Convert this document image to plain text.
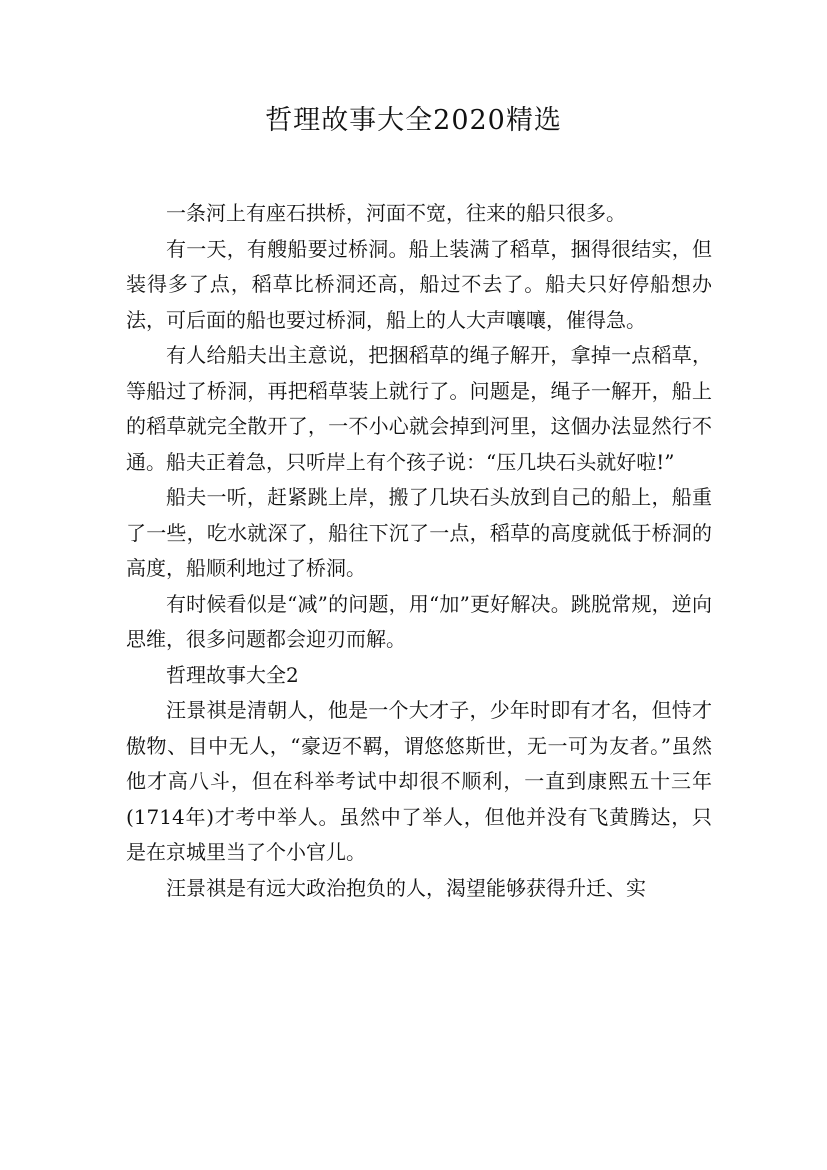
哲理故事大全2020精选

一条河上有座石拱桥，河面不宽，往来的船只很多。

有一天，有艘船要过桥洞。船上装满了稻草，捆得很结实，但装得多了点，稻草比桥洞还高，船过不去了。船夫只好停船想办法，可后面的船也要过桥洞，船上的人大声嚷嚷，催得急。

有人给船夫出主意说，把捆稻草的绳子解开，拿掉一点稻草，等船过了桥洞，再把稻草装上就行了。问题是，绳子一解开，船上的稻草就完全散开了，一不小心就会掉到河里，这個办法显然行不通。船夫正着急，只听岸上有个孩子说：“压几块石头就好啦!”

船夫一听，赶紧跳上岸，搬了几块石头放到自己的船上，船重了一些，吃水就深了，船往下沉了一点，稻草的高度就低于桥洞的高度，船顺利地过了桥洞。

有时候看似是“减”的问题，用“加”更好解决。跳脱常规，逆向思维，很多问题都会迎刃而解。

哲理故事大全2

汪景祺是清朝人，他是一个大才子，少年时即有才名，但恃才傲物、目中无人，“豪迈不羁，谓悠悠斯世，无一可为友者。”虽然他才高八斗，但在科举考试中却很不顺利，一直到康熙五十三年(1714年)才考中举人。虽然中了举人，但他并没有飞黄腾达，只是在京城里当了个小官儿。

汪景祺是有远大政治抱负的人，渴望能够获得升迁、实
